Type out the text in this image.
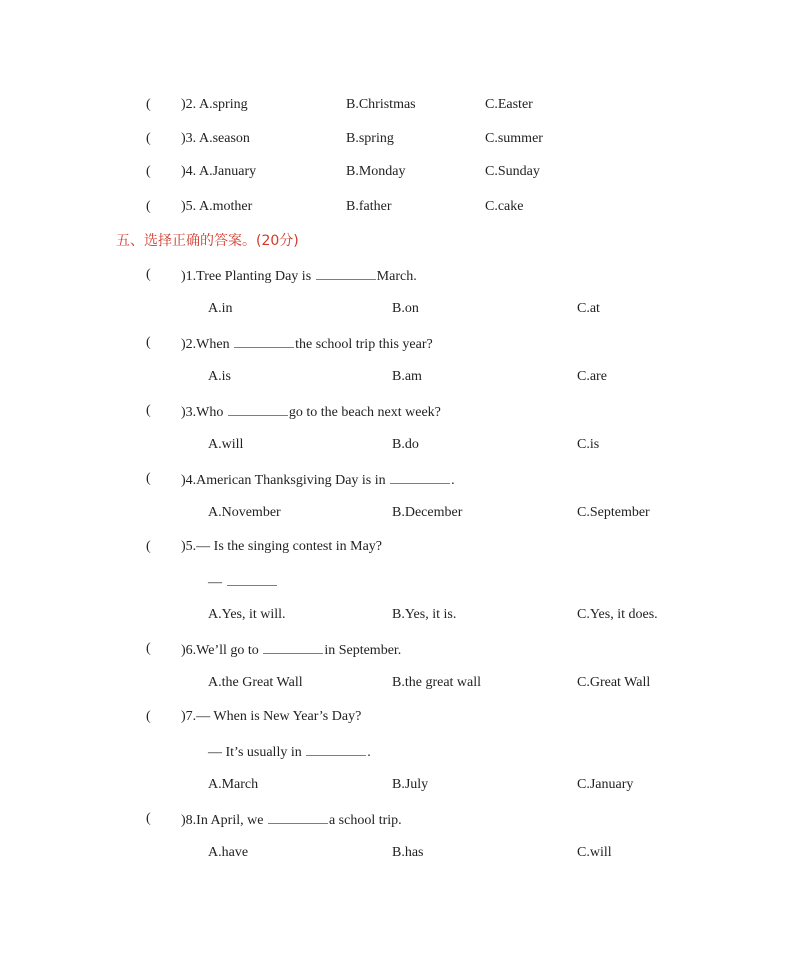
( )2. A.spring	B.Christmas	C.Easter
( )3. A.season	B.spring	C.summer
( )4. A.January	B.Monday	C.Sunday
( )5. A.mother	B.father	C.cake
五、选择正确的答案。(20分)
( )1.Tree Planting Day is	March.
A.in	B.on	C.at
( )2.When	the school trip this year?
A.is	B.am	C.are
( )3.Who	go to the beach next week?
A.will	B.do	C.is
( )4.American Thanksgiving Day is in	.
A.November	B.December	C.September
( )5.— Is the singing contest in May?
—
A.Yes, it will.	B.Yes, it is.	C.Yes, it does.
( )6.We’ll go to	in September.
A.the Great Wall	B.the great wall	C.Great Wall
( )7.— When is New Year’s Day?
— It’s usually in	.
A.March	B.July	C.January
( )8.In April, we	a school trip.
A.have	B.has	C.will
